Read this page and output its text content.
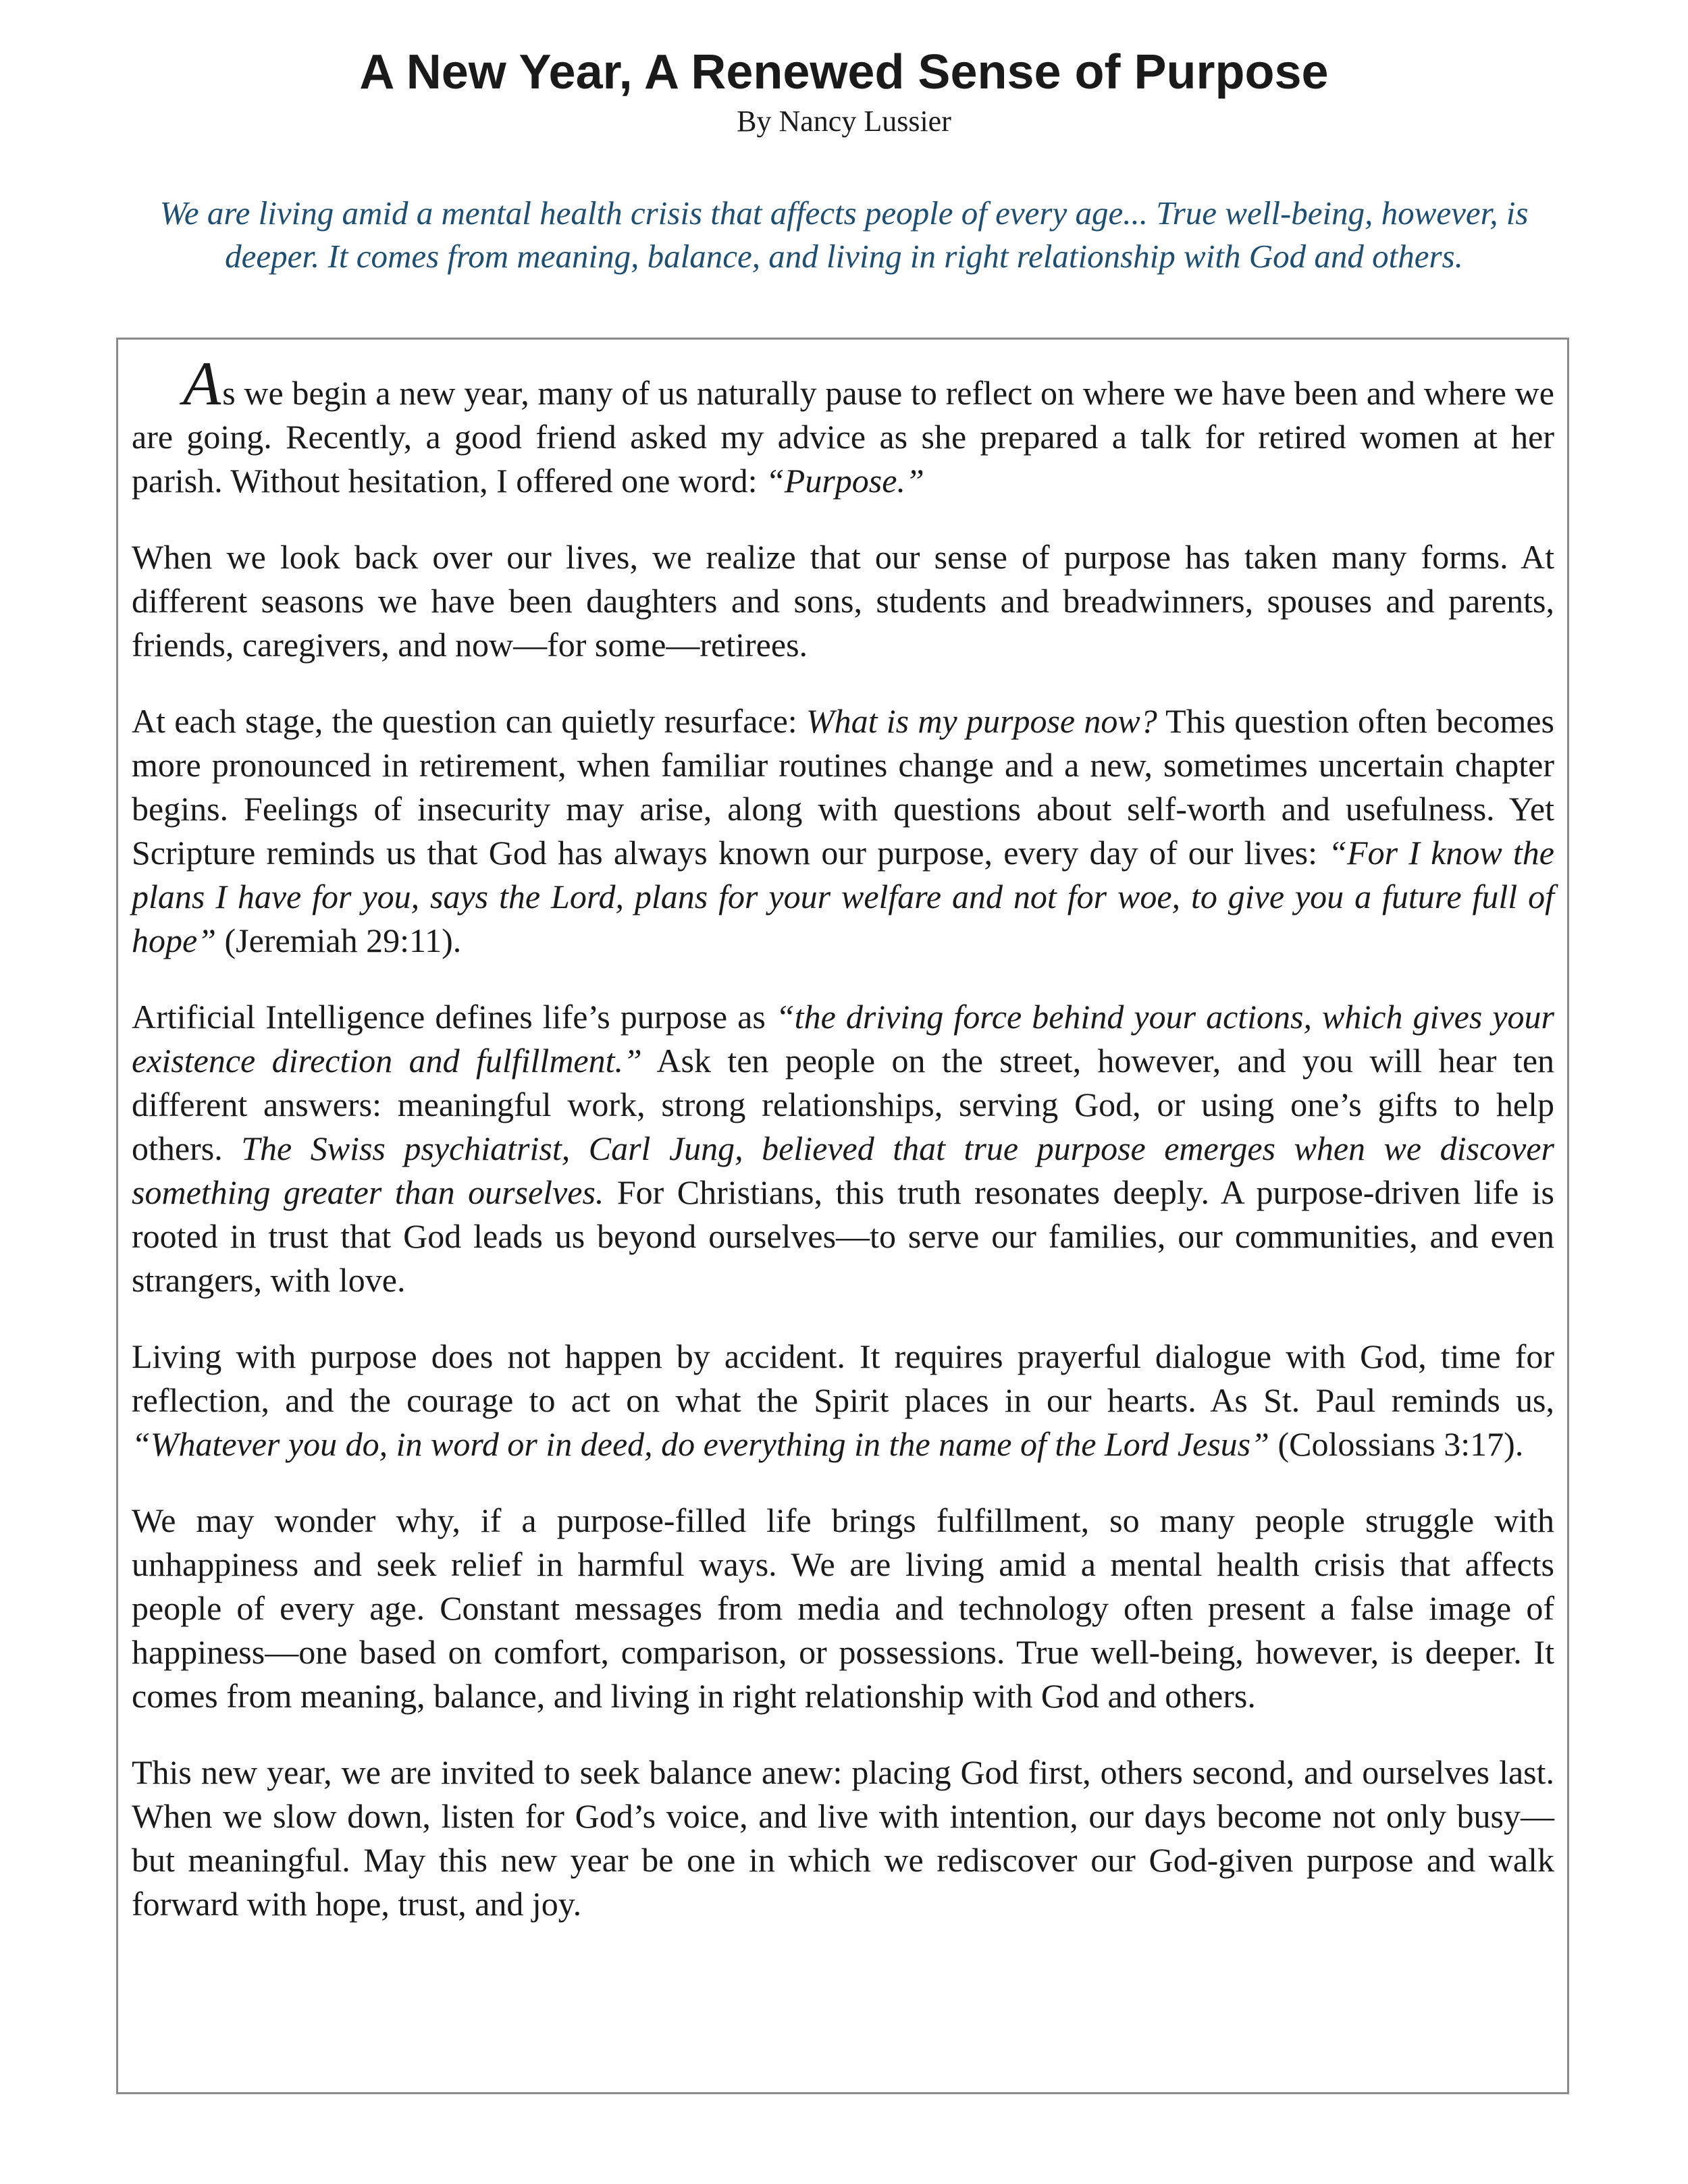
A New Year, A Renewed Sense of Purpose
By Nancy Lussier
We are living amid a mental health crisis that affects people of every age... True well-being, however, is
deeper. It comes from meaning, balance, and living in right relationship with God and others.

As we begin a new year, many of us naturally pause to reflect on where we have been and where we are going. Recently, a good friend asked my advice as she prepared a talk for retired women at her parish. Without hesitation, I offered one word: “Purpose.”

When we look back over our lives, we realize that our sense of purpose has taken many forms. At different seasons we have been daughters and sons, students and breadwinners, spouses and parents, friends, caregivers, and now—for some—retirees.

At each stage, the question can quietly resurface: What is my purpose now? This question often becomes more pronounced in retirement, when familiar routines change and a new, sometimes uncertain chapter begins. Feelings of insecurity may arise, along with questions about self-worth and usefulness. Yet Scripture reminds us that God has always known our purpose, every day of our lives: “For I know the plans I have for you, says the Lord, plans for your welfare and not for woe, to give you a future full of hope” (Jeremiah 29:11).

Artificial Intelligence defines life’s purpose as “the driving force behind your actions, which gives your existence direction and fulfillment.” Ask ten people on the street, however, and you will hear ten different answers: meaningful work, strong relationships, serving God, or using one’s gifts to help others. The Swiss psychiatrist, Carl Jung, believed that true purpose emerges when we discover something greater than ourselves. For Christians, this truth resonates deeply. A purpose-driven life is rooted in trust that God leads us beyond ourselves—to serve our families, our communities, and even strangers, with love.

Living with purpose does not happen by accident. It requires prayerful dialogue with God, time for reflection, and the courage to act on what the Spirit places in our hearts. As St. Paul reminds us, “Whatever you do, in word or in deed, do everything in the name of the Lord Jesus” (Colossians 3:17).

We may wonder why, if a purpose-filled life brings fulfillment, so many people struggle with unhappiness and seek relief in harmful ways. We are living amid a mental health crisis that affects people of every age. Constant messages from media and technology often present a false image of happiness—one based on comfort, comparison, or possessions. True well-being, however, is deeper. It comes from meaning, balance, and living in right relationship with God and others.

This new year, we are invited to seek balance anew: placing God first, others second, and ourselves last. When we slow down, listen for God’s voice, and live with intention, our days become not only busy—but meaningful. May this new year be one in which we rediscover our God-given purpose and walk forward with hope, trust, and joy.
